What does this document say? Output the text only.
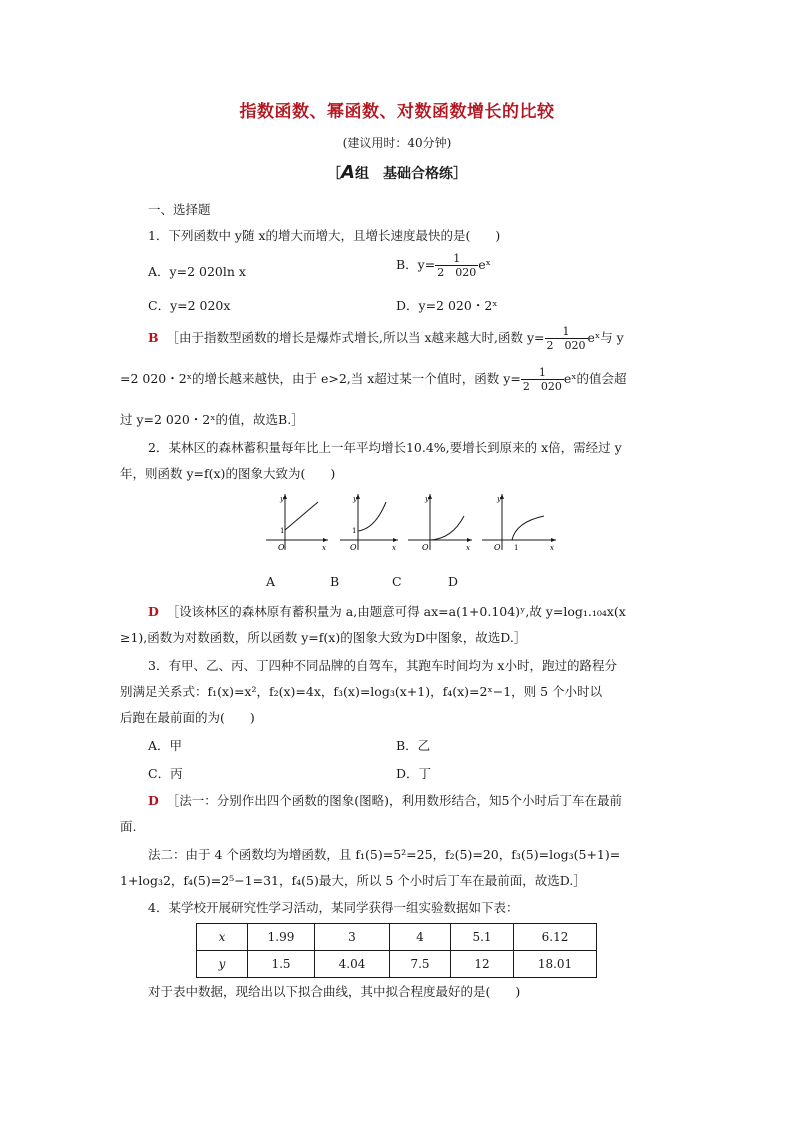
指数函数、幂函数、对数函数增长的比较
(建议用时：40分钟)
［A组　基础合格练］
一、选择题
1．下列函数中 y随 x的增大而增大，且增长速度最快的是(　　)
A．y=2 020ln x	B．$y= \frac{1}{2 020}$ eˣ
C．y=2 020x	D．y=2 020・2ˣ
B ［由于指数型函数的增长是爆炸式增长,所以当 x越来越大时,函数 $y= \frac{1}{2 020}$ eˣ与 y
=2 020・2ˣ的增长越来越快，由于 e>2,当 x超过某一个值时，函数 $y= \frac{1}{2 020}$ eˣ的值会超
过 y=2 020・2ˣ的值，故选B.］
2．某林区的森林蓄积量每年比上一年平均增长10.4%,要增长到原来的 x倍，需经过 y
年，则函数 y=f(x)的图象大致为(　　)
y
x
O
1
y
x
O
1
y
x
O
y
x
O 1
A	B	C	D
D ［设该林区的森林原有蓄积量为 a,由题意可得 ax=a(1+0.104)ʸ,故 y=log₁.₁₀₄x(x
≥1),函数为对数函数，所以函数 y=f(x)的图象大致为D中图象，故选D.］
3．有甲、乙、丙、丁四种不同品牌的自驾车，其跑车时间均为 x小时，跑过的路程分
别满足关系式：f₁(x)=x²，f₂(x)=4x，f₃(x)=log₃(x+1)，f₄(x)=2ˣ−1，则 5 个小时以
后跑在最前面的为(　　)
A．甲	B．乙
C．丙	D．丁
D ［法一：分别作出四个函数的图象(图略)，利用数形结合，知5个小时后丁车在最前
面.
法二：由于 4 个函数均为增函数，且 f₁(5)=5²=25，f₂(5)=20，f₃(5)=log₃(5+1)=
1+log₃2，f₄(5)=2⁵−1=31，f₄(5)最大，所以 5 个小时后丁车在最前面，故选D.］
4．某学校开展研究性学习活动，某同学获得一组实验数据如下表：
x	1.99	3	4	5.1	6.12
y	1.5	4.04	7.5	12	18.01
对于表中数据，现给出以下拟合曲线，其中拟合程度最好的是(　　)
